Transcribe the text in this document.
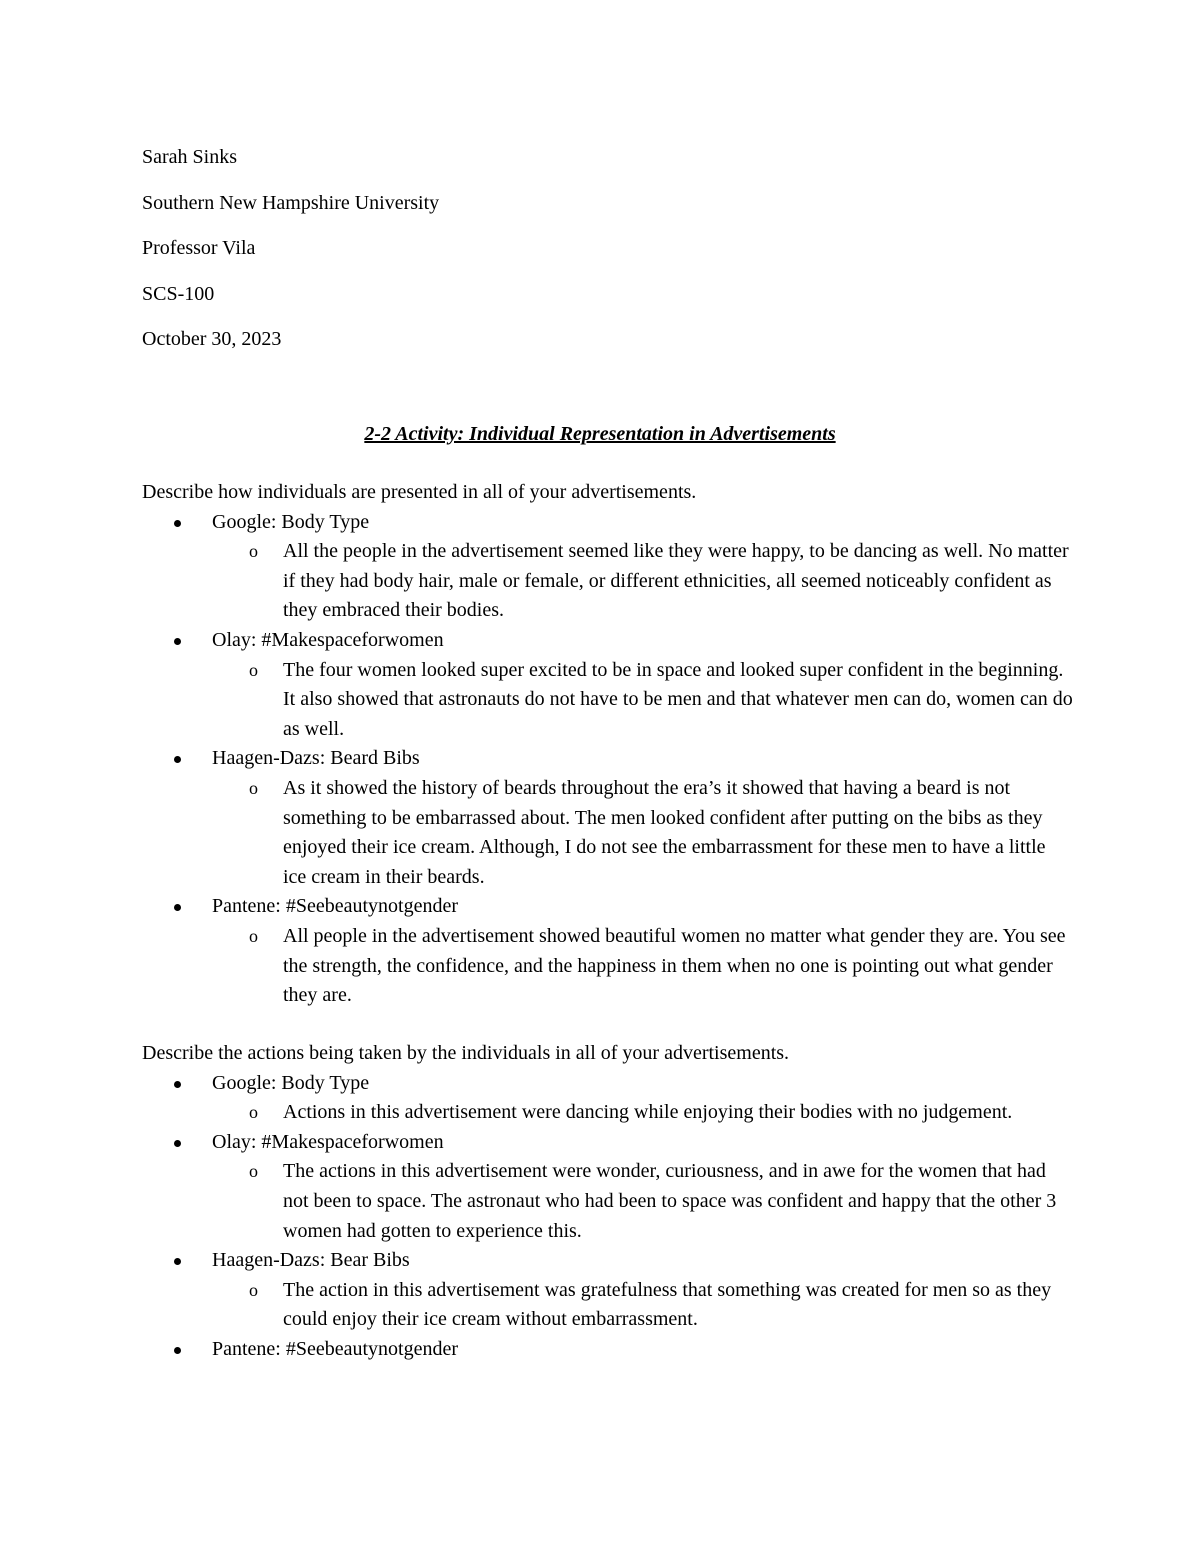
Sarah Sinks
Southern New Hampshire University
Professor Vila
SCS-100
October 30, 2023
2-2 Activity: Individual Representation in Advertisements
Describe how individuals are presented in all of your advertisements.
Google: Body Type
o All the people in the advertisement seemed like they were happy, to be dancing as well. No matter if they had body hair, male or female, or different ethnicities, all seemed noticeably confident as they embraced their bodies.
Olay: #Makespaceforwomen
o The four women looked super excited to be in space and looked super confident in the beginning. It also showed that astronauts do not have to be men and that whatever men can do, women can do as well.
Haagen-Dazs: Beard Bibs
o As it showed the history of beards throughout the era’s it showed that having a beard is not something to be embarrassed about. The men looked confident after putting on the bibs as they enjoyed their ice cream. Although, I do not see the embarrassment for these men to have a little ice cream in their beards.
Pantene: #Seebeautynotgender
o All people in the advertisement showed beautiful women no matter what gender they are. You see the strength, the confidence, and the happiness in them when no one is pointing out what gender they are.
Describe the actions being taken by the individuals in all of your advertisements.
Google: Body Type
o Actions in this advertisement were dancing while enjoying their bodies with no judgement.
Olay: #Makespaceforwomen
o The actions in this advertisement were wonder, curiousness, and in awe for the women that had not been to space. The astronaut who had been to space was confident and happy that the other 3 women had gotten to experience this.
Haagen-Dazs: Bear Bibs
o The action in this advertisement was gratefulness that something was created for men so as they could enjoy their ice cream without embarrassment.
Pantene: #Seebeautynotgender
